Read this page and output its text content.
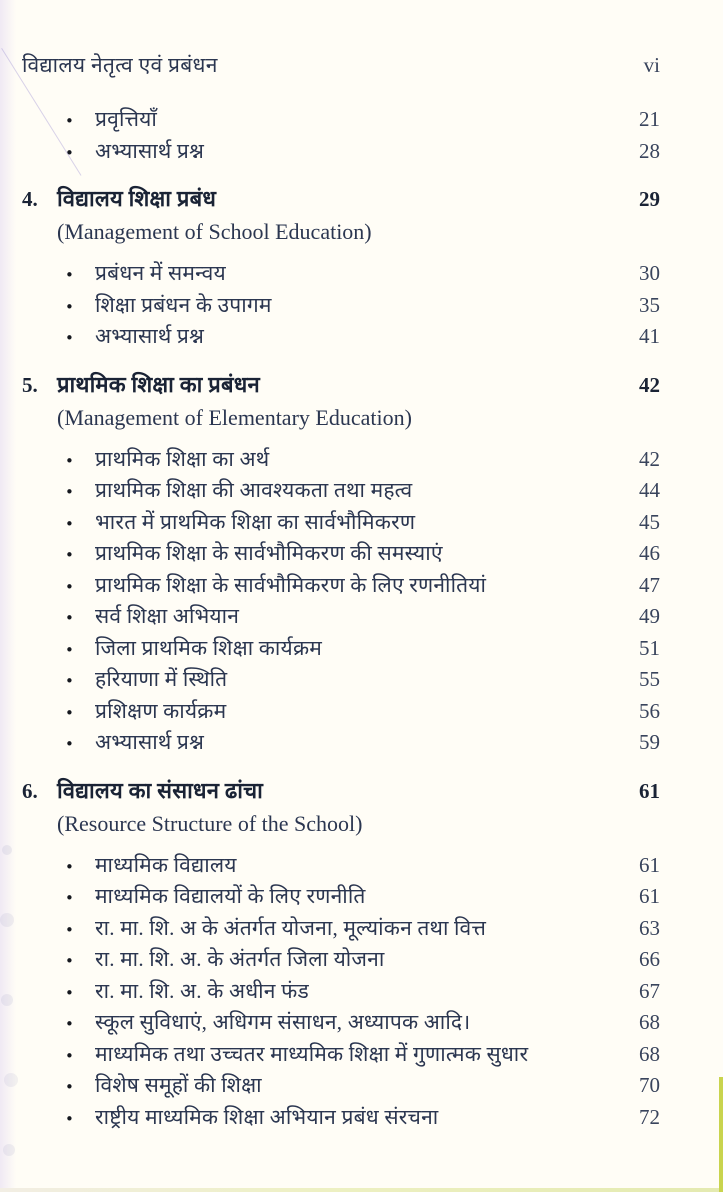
विद्यालय नेतृत्व एवं प्रबंधन	vi
•	प्रवृत्तियाँ	21
•	अभ्यासार्थ प्रश्न	28
4. विद्यालय शिक्षा प्रबंध	29
(Management of School Education)
•	प्रबंधन में समन्वय	30
•	शिक्षा प्रबंधन के उपागम	35
•	अभ्यासार्थ प्रश्न	41
5. प्राथमिक शिक्षा का प्रबंधन	42
(Management of Elementary Education)
•	प्राथमिक शिक्षा का अर्थ	42
•	प्राथमिक शिक्षा की आवश्यकता तथा महत्व	44
•	भारत में प्राथमिक शिक्षा का सार्वभौमिकरण	45
•	प्राथमिक शिक्षा के सार्वभौमिकरण की समस्याएं	46
•	प्राथमिक शिक्षा के सार्वभौमिकरण के लिए रणनीतियां	47
•	सर्व शिक्षा अभियान	49
•	जिला प्राथमिक शिक्षा कार्यक्रम	51
•	हरियाणा में स्थिति	55
•	प्रशिक्षण कार्यक्रम	56
•	अभ्यासार्थ प्रश्न	59
6. विद्यालय का संसाधन ढांचा	61
(Resource Structure of the School)
•	माध्यमिक विद्यालय	61
•	माध्यमिक विद्यालयों के लिए रणनीति	61
•	रा. मा. शि. अ के अंतर्गत योजना, मूल्यांकन तथा वित्त	63
•	रा. मा. शि. अ. के अंतर्गत जिला योजना	66
•	रा. मा. शि. अ. के अधीन फंड	67
•	स्कूल सुविधाएं, अधिगम संसाधन, अध्यापक आदि।	68
•	माध्यमिक तथा उच्चतर माध्यमिक शिक्षा में गुणात्मक सुधार	68
•	विशेष समूहों की शिक्षा	70
•	राष्ट्रीय माध्यमिक शिक्षा अभियान प्रबंध संरचना	72
